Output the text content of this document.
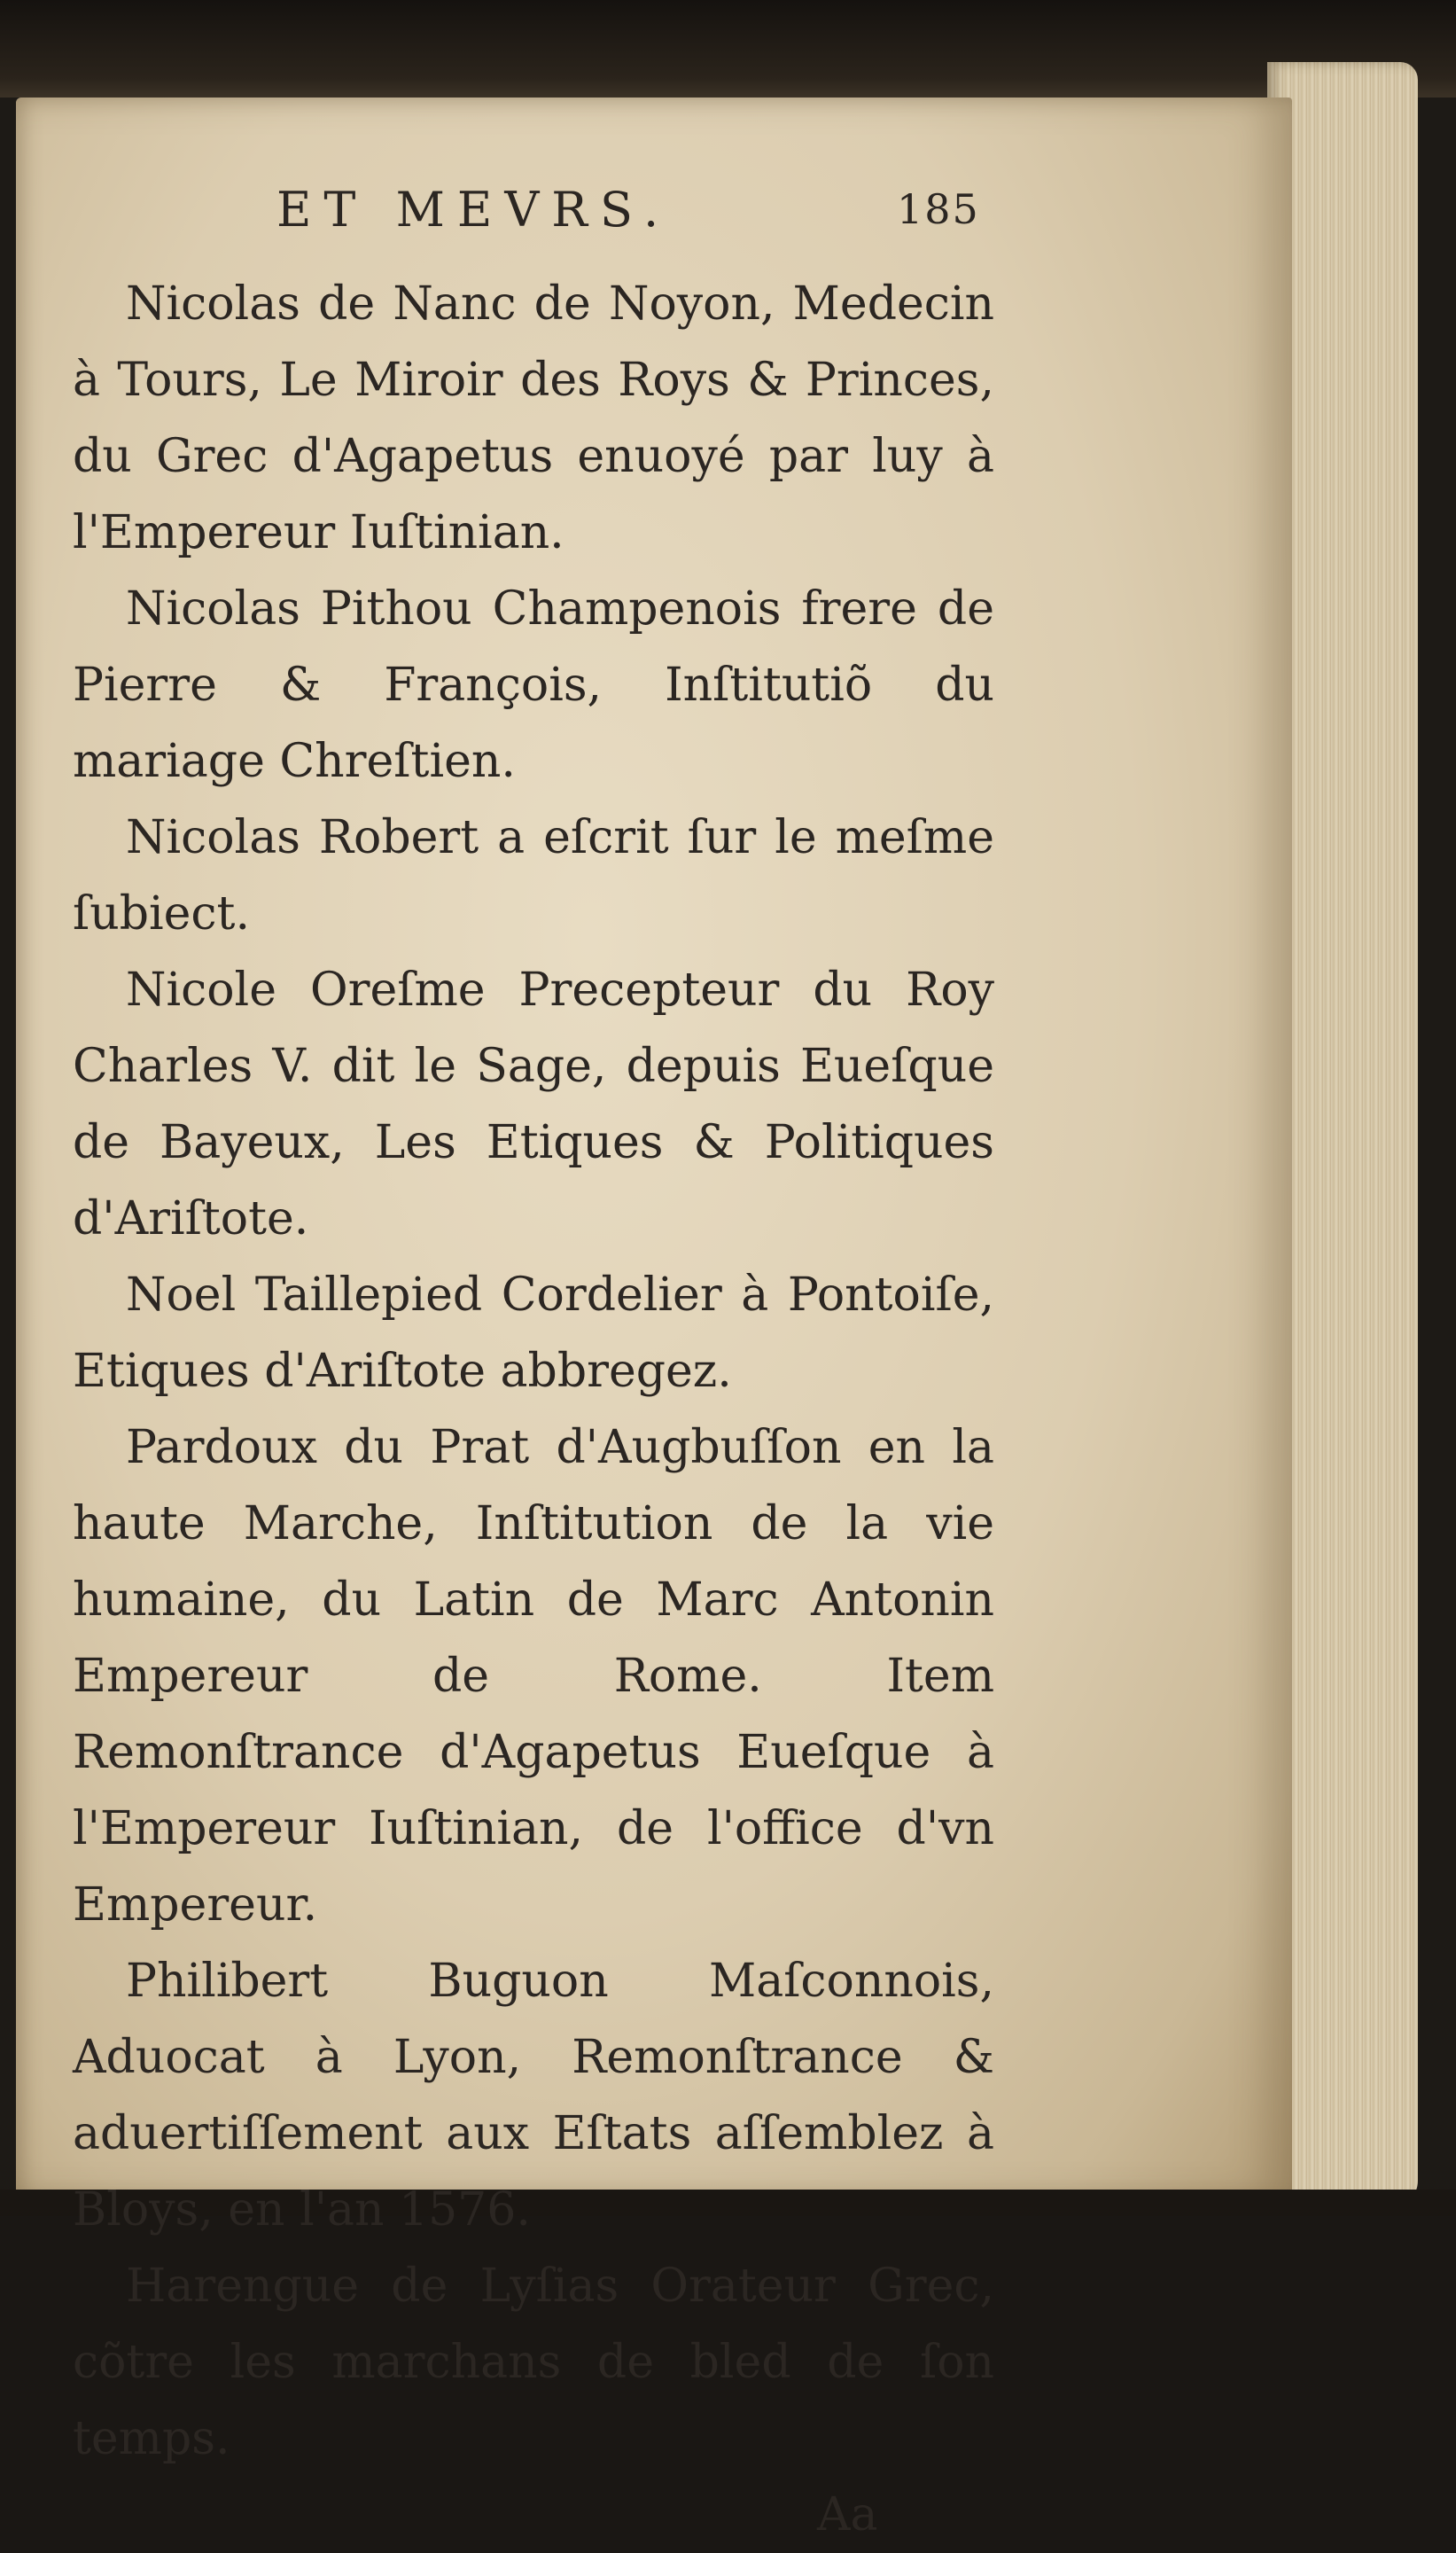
ET MEVRS.	185

Nicolas de Nanc de Noyon, Medecin à Tours, Le Miroir des Roys & Princes, du Grec d'Agapetus enuoyé par luy à l'Empereur Iuſtinian.

Nicolas Pithou Champenois frere de Pierre & François, Inſtitutiõ du mariage Chreſtien.

Nicolas Robert a eſcrit ſur le meſme ſubiect.

Nicole Oreſme Precepteur du Roy Charles V. dit le Sage, depuis Eueſque de Bayeux, Les Etiques & Politiques d'Ariſtote.

Noel Taillepied Cordelier à Pontoiſe, Etiques d'Ariſtote abbregez.

Pardoux du Prat d'Augbuſſon en la haute Marche, Inſtitution de la vie humaine, du Latin de Marc Antonin Empereur de Rome. Item Remonſtrance d'Agapetus Eueſque à l'Empereur Iuſtinian, de l'office d'vn Empereur.

Philibert Buguon Maſconnois, Aduocat à Lyon, Remonſtrance & aduertiſſement aux Eſtats aſſemblez à Bloys, en l'an 1576.

Harengue de Lyſias Orateur Grec, cõtre les marchans de bled de ſon temps.

Aa
